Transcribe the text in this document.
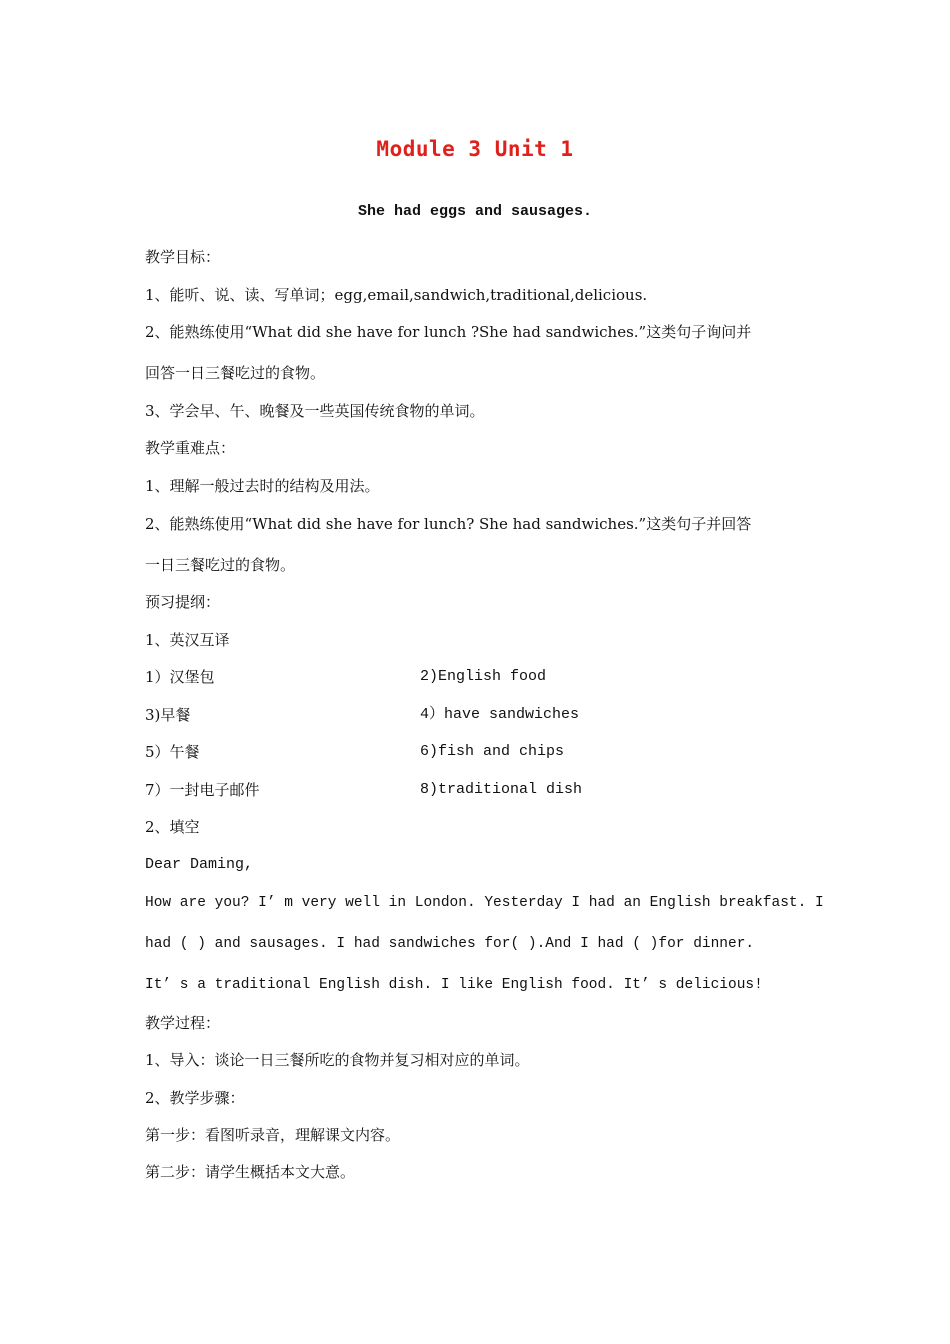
Module 3 Unit 1
She had eggs and sausages.
教学目标：
1、能听、说、读、写单词；egg,email,sandwich,traditional,delicious.
2、能熟练使用“What did she have for lunch ?She had sandwiches.”这类句子询问并
回答一日三餐吃过的食物。
3、学会早、午、晚餐及一些英国传统食物的单词。
教学重难点：
1、理解一般过去时的结构及用法。
2、能熟练使用“What did she have for lunch? She had sandwiches.”这类句子并回答
一日三餐吃过的食物。
预习提纲：
1、英汉互译
1）汉堡包	2)English food
3)早餐	4）have sandwiches
5）午餐	6)fish and chips
7）一封电子邮件	8)traditional dish
2、填空
Dear Daming,
How are you? I’ m very well in London. Yesterday I had an English breakfast. I
had ( ) and sausages. I had sandwiches for( ).And I had ( )for dinner.
It’ s a traditional English dish. I like English food. It’ s delicious!
教学过程：
1、导入：谈论一日三餐所吃的食物并复习相对应的单词。
2、教学步骤：
第一步：看图听录音，理解课文内容。
第二步：请学生概括本文大意。
